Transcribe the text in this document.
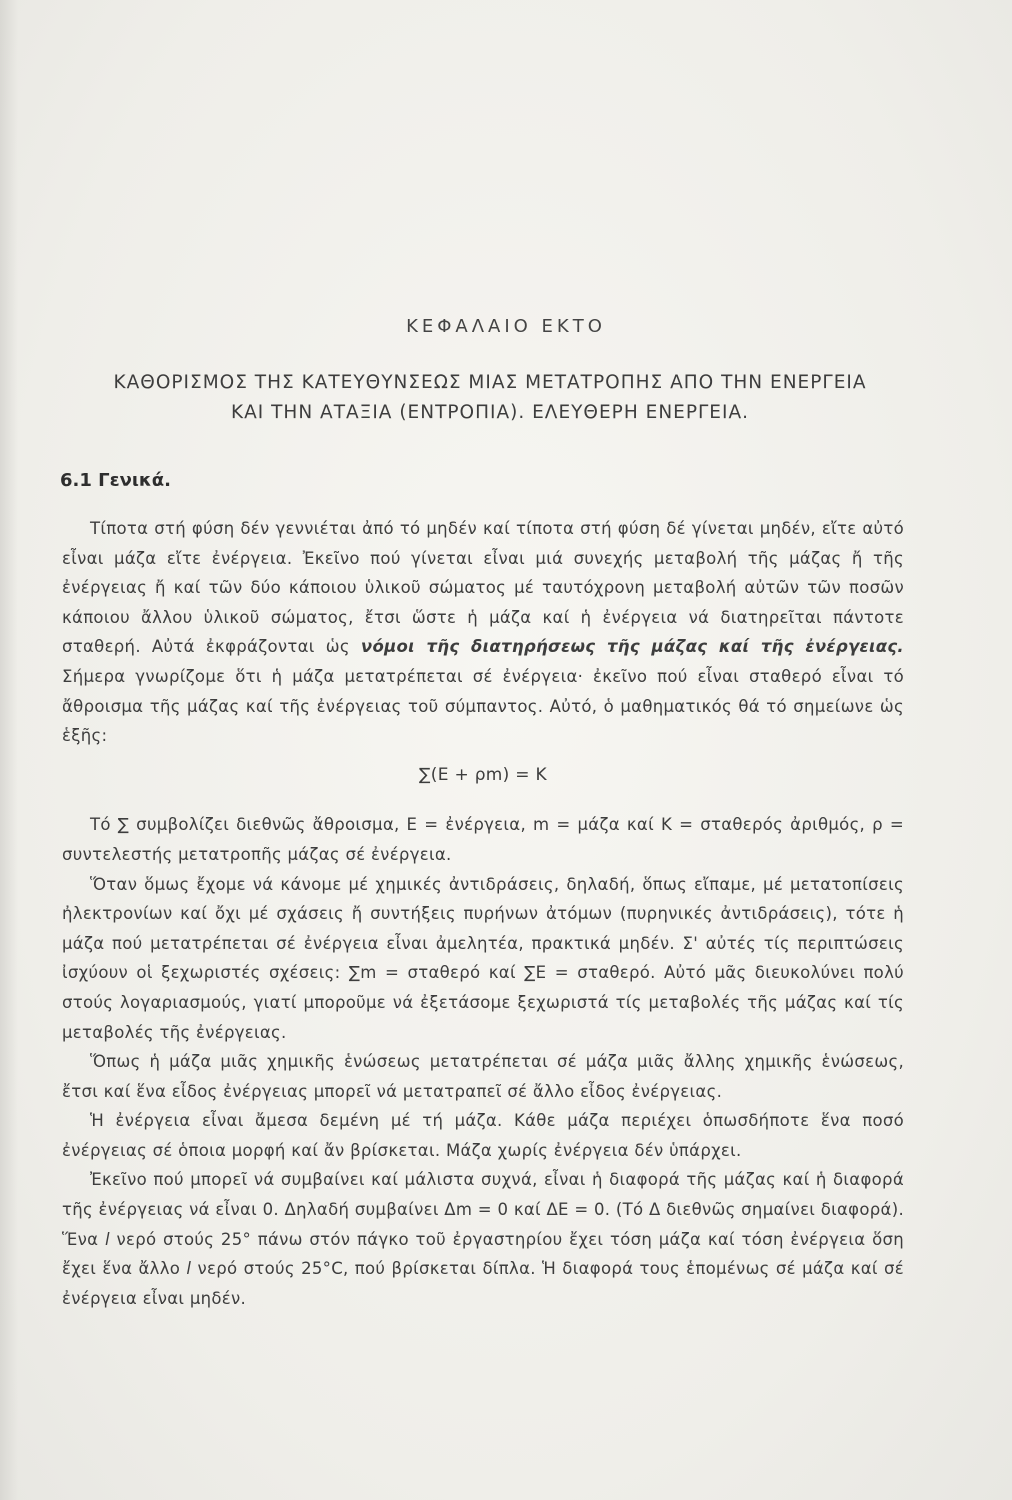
ΚΕΦΑΛΑΙΟ ΕΚΤΟ
ΚΑΘΟΡΙΣΜΟΣ ΤΗΣ ΚΑΤΕΥΘΥΝΣΕΩΣ ΜΙΑΣ ΜΕΤΑΤΡΟΠΗΣ ΑΠΟ ΤΗΝ ΕΝΕΡΓΕΙΑ
ΚΑΙ ΤΗΝ ΑΤΑΞΙΑ (ΕΝΤΡΟΠΙΑ). ΕΛΕΥΘΕΡΗ ΕΝΕΡΓΕΙΑ.
6.1 Γενικά.

Τίποτα στή φύση δέν γεννιέται ἀπό τό μηδέν καί τίποτα στή φύση δέ γίνεται μηδέν, εἴτε αὐτό εἶναι μάζα εἴτε ἐνέργεια. Ἐκεῖνο πού γίνεται εἶναι μιά συνεχής μεταβολή τῆς μάζας ἤ τῆς ἐνέργειας ἤ καί τῶν δύο κάποιου ὑλικοῦ σώματος μέ ταυτόχρονη μεταβολή αὐτῶν τῶν ποσῶν κάποιου ἄλλου ὑλικοῦ σώματος, ἔτσι ὥστε ἡ μάζα καί ἡ ἐνέργεια νά διατηρεῖται πάντοτε σταθερή. Αὐτά ἐκφράζονται ὡς νόμοι τῆς διατηρήσεως τῆς μάζας καί τῆς ἐνέργειας. Σήμερα γνωρίζομε ὅτι ἡ μάζα μετατρέπεται σέ ἐνέργεια· ἐκεῖνο πού εἶναι σταθερό εἶναι τό ἄθροισμα τῆς μάζας καί τῆς ἐνέργειας τοῦ σύμπαντος. Αὐτό, ὁ μαθηματικός θά τό σημείωνε ὡς ἑξῆς:

∑(E + ρm) = K

Τό ∑ συμβολίζει διεθνῶς ἄθροισμα, E = ἐνέργεια, m = μάζα καί K = σταθερός ἀριθμός, ρ = συντελεστής μετατροπῆς μάζας σέ ἐνέργεια.

Ὅταν ὅμως ἔχομε νά κάνομε μέ χημικές ἀντιδράσεις, δηλαδή, ὅπως εἴπαμε, μέ μετατοπίσεις ἠλεκτρονίων καί ὄχι μέ σχάσεις ἤ συντήξεις πυρήνων ἀτόμων (πυρηνικές ἀντιδράσεις), τότε ἡ μάζα πού μετατρέπεται σέ ἐνέργεια εἶναι ἀμελητέα, πρακτικά μηδέν. Σ' αὐτές τίς περιπτώσεις ἰσχύουν οἱ ξεχωριστές σχέσεις: ∑m = σταθερό καί ∑E = σταθερό. Αὐτό μᾶς διευκολύνει πολύ στούς λογαριασμούς, γιατί μποροῦμε νά ἐξετάσομε ξεχωριστά τίς μεταβολές τῆς μάζας καί τίς μεταβολές τῆς ἐνέργειας.

Ὅπως ἡ μάζα μιᾶς χημικῆς ἑνώσεως μετατρέπεται σέ μάζα μιᾶς ἄλλης χημικῆς ἑνώσεως, ἔτσι καί ἕνα εἶδος ἐνέργειας μπορεῖ νά μετατραπεῖ σέ ἄλλο εἶδος ἐνέργειας.

Ἡ ἐνέργεια εἶναι ἄμεσα δεμένη μέ τή μάζα. Κάθε μάζα περιέχει ὁπωσδήποτε ἕνα ποσό ἐνέργειας σέ ὁποια μορφή καί ἄν βρίσκεται. Μάζα χωρίς ἐνέργεια δέν ὑπάρχει.

Ἐκεῖνο πού μπορεῖ νά συμβαίνει καί μάλιστα συχνά, εἶναι ἡ διαφορά τῆς μάζας καί ἡ διαφορά τῆς ἐνέργειας νά εἶναι 0. Δηλαδή συμβαίνει Δm = 0 καί ΔE = 0. (Τό Δ διεθνῶς σημαίνει διαφορά). Ἕνα l νερό στούς 25° πάνω στόν πάγκο τοῦ ἐργαστηρίου ἔχει τόση μάζα καί τόση ἐνέργεια ὅση ἔχει ἕνα ἄλλο l νερό στούς 25°C, πού βρίσκεται δίπλα. Ἡ διαφορά τους ἑπομένως σέ μάζα καί σέ ἐνέργεια εἶναι μηδέν.
